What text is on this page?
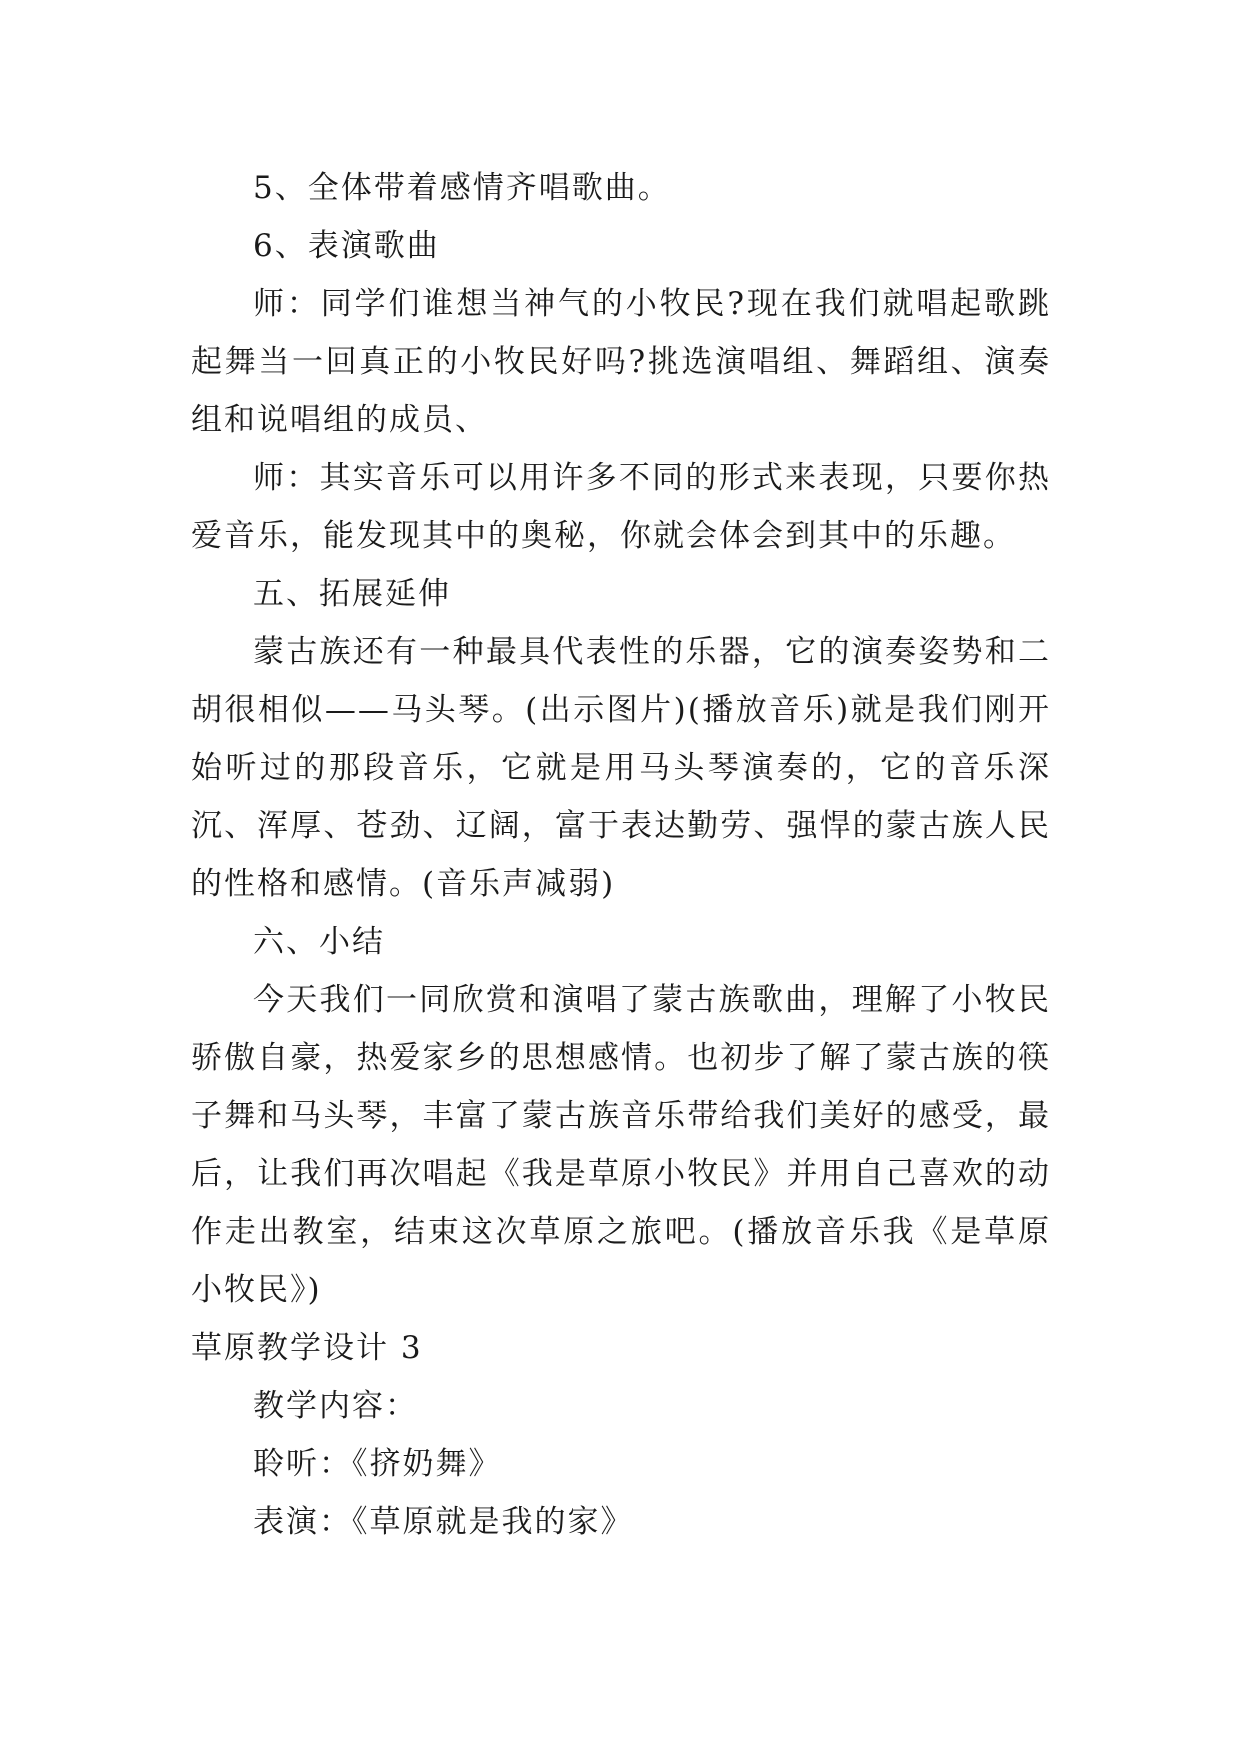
5、全体带着感情齐唱歌曲。

6、表演歌曲

师：同学们谁想当神气的小牧民?现在我们就唱起歌跳起舞当一回真正的小牧民好吗?挑选演唱组、舞蹈组、演奏组和说唱组的成员、

师：其实音乐可以用许多不同的形式来表现，只要你热爱音乐，能发现其中的奥秘，你就会体会到其中的乐趣。

五、拓展延伸

蒙古族还有一种最具代表性的乐器，它的演奏姿势和二胡很相似——马头琴。(出示图片)(播放音乐)就是我们刚开始听过的那段音乐，它就是用马头琴演奏的，它的音乐深沉、浑厚、苍劲、辽阔，富于表达勤劳、强悍的蒙古族人民的性格和感情。(音乐声减弱)

六、小结

今天我们一同欣赏和演唱了蒙古族歌曲，理解了小牧民骄傲自豪，热爱家乡的思想感情。也初步了解了蒙古族的筷子舞和马头琴，丰富了蒙古族音乐带给我们美好的感受，最后，让我们再次唱起《我是草原小牧民》并用自己喜欢的动作走出教室，结束这次草原之旅吧。(播放音乐我《是草原小牧民》)

草原教学设计 3

教学内容：

聆听：《挤奶舞》

表演：《草原就是我的家》
